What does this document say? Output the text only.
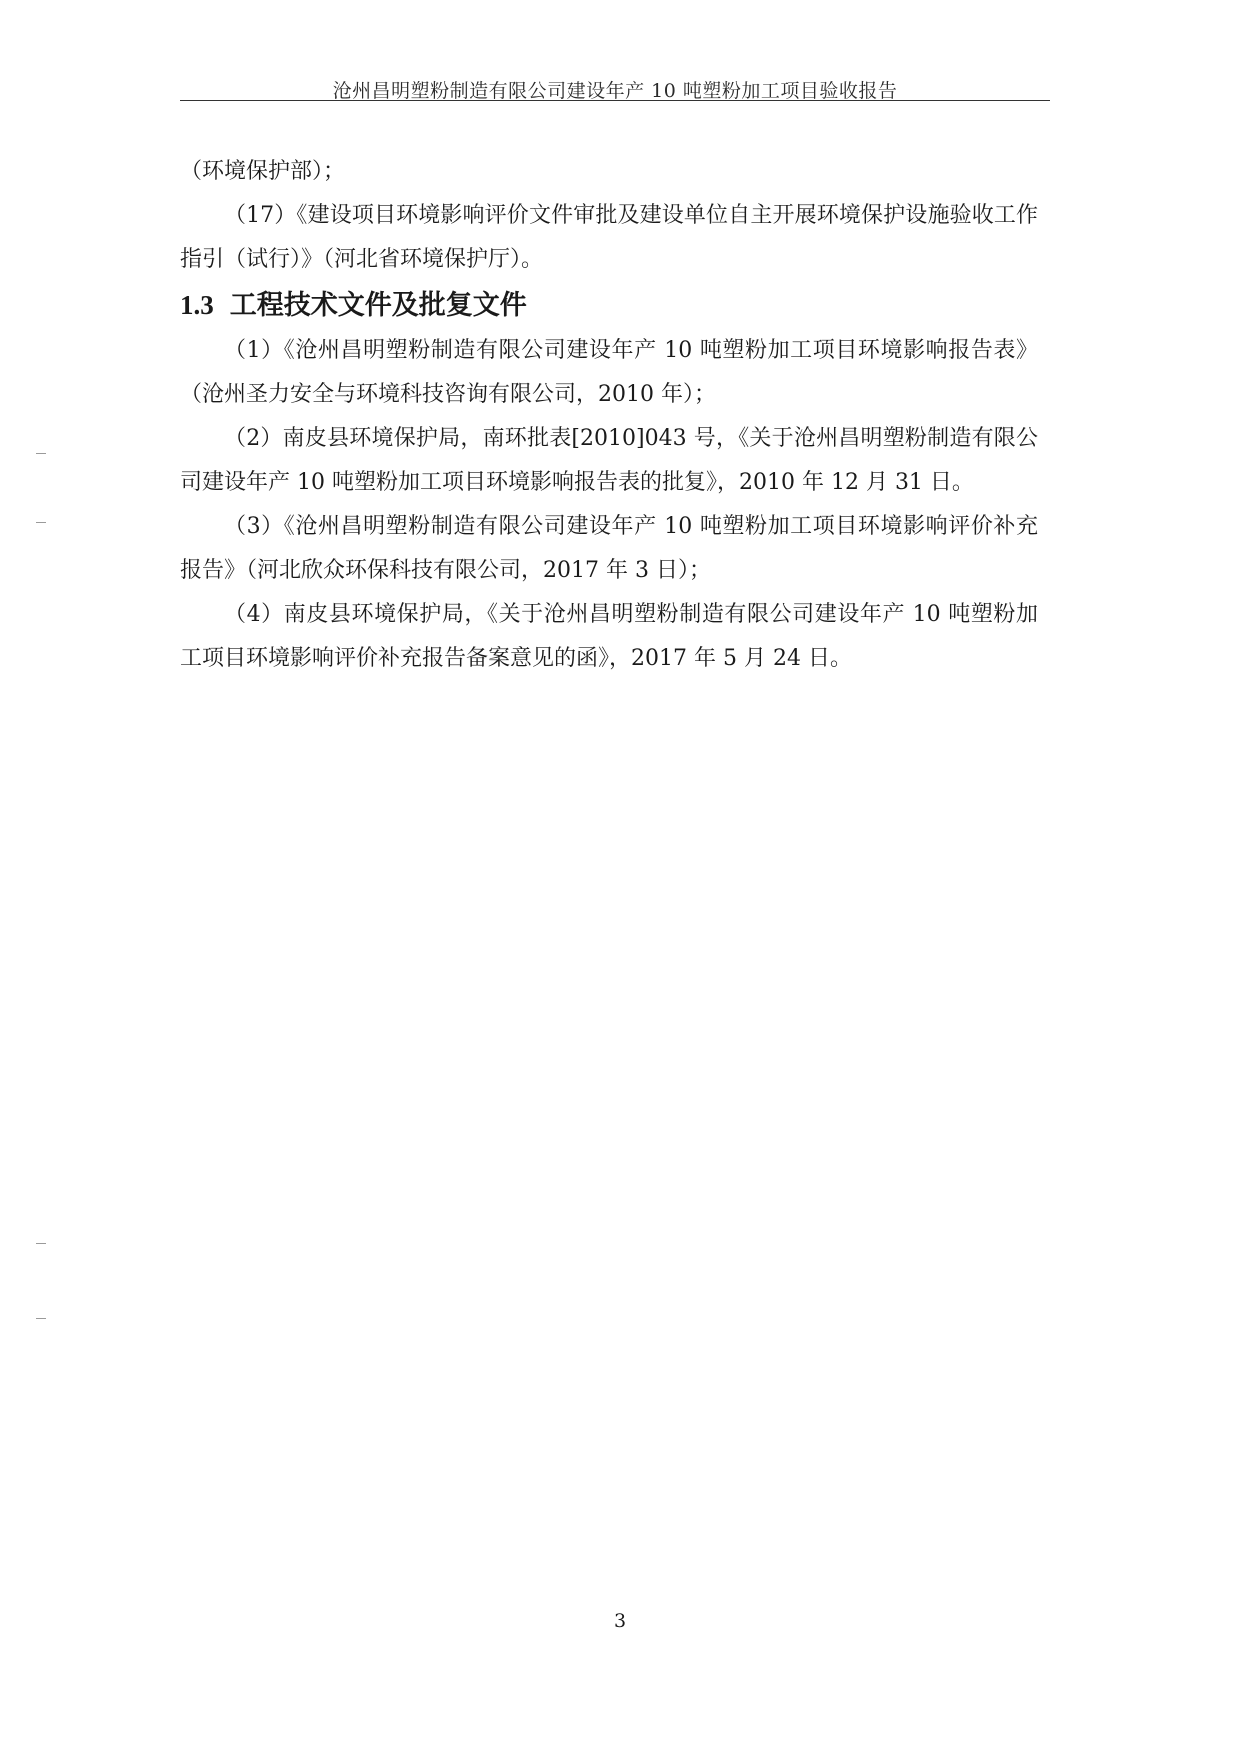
沧州昌明塑粉制造有限公司建设年产 10 吨塑粉加工项目验收报告

（环境保护部）；

（17）《建设项目环境影响评价文件审批及建设单位自主开展环境保护设施验收工作指引（试行）》（河北省环境保护厅）。

1.3 工程技术文件及批复文件

（1）《沧州昌明塑粉制造有限公司建设年产 10 吨塑粉加工项目环境影响报告表》（沧州圣力安全与环境科技咨询有限公司，2010 年）；

（2）南皮县环境保护局，南环批表[2010]043 号，《关于沧州昌明塑粉制造有限公司建设年产 10 吨塑粉加工项目环境影响报告表的批复》，2010 年 12 月 31 日。

（3）《沧州昌明塑粉制造有限公司建设年产 10 吨塑粉加工项目环境影响评价补充报告》（河北欣众环保科技有限公司，2017 年 3 日）；

（4）南皮县环境保护局，《关于沧州昌明塑粉制造有限公司建设年产 10 吨塑粉加工项目环境影响评价补充报告备案意见的函》，2017 年 5 月 24 日。

3
